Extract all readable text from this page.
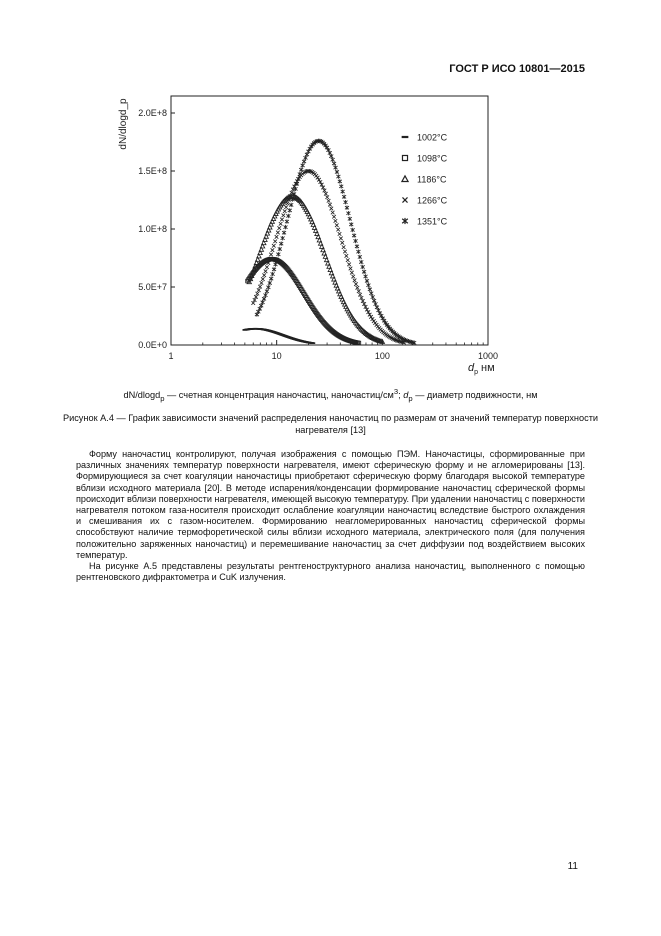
ГОСТ Р ИСО 10801—2015
0.0E+0
5.0E+7
1.0E+8
1.5E+8
2.0E+8
1	10	100	1000
1002°C
1098°C
1186°C
1266°C
1351°C
dN/dlogd_p
$d_p$ нм
dN/dlogd$_p$ — счетная концентрация наночастиц, наночастиц/$см^3$; $d_p$ — диаметр подвижности, нм
Рисунок А.4 — График зависимости значений распределения наночастиц по размерам от значений температур поверхности нагревателя [13]

Форму наночастиц контролируют, получая изображения с помощью ПЭМ. Наночастицы, сформированные при различных значениях температур поверхности нагревателя, имеют сферическую форму и не агломерированы [13]. Формирующиеся за счет коагуляции наночастицы приобретают сферическую форму благодаря высокой температуре вблизи исходного материала [20]. В методе испарения/конденсации формирование наночастиц сферической формы происходит вблизи поверхности нагревателя, имеющей высокую температуру. При удалении наночастиц с поверхности нагревателя потоком газа-носителя происходит ослабление коагуляции наночастиц вследствие быстрого охлаждения и смешивания их с газом-носителем. Формированию неагломерированных наночастиц сферической формы способствуют наличие термофоретической силы вблизи исходного материала, электрического поля (для получения положительно заряженных наночастиц) и перемешивание наночастиц за счет диффузии под воздействием высоких температур.

На рисунке А.5 представлены результаты рентгеноструктурного анализа наночастиц, выполненного с помощью рентгеновского дифрактометра и CuK излучения.

11
